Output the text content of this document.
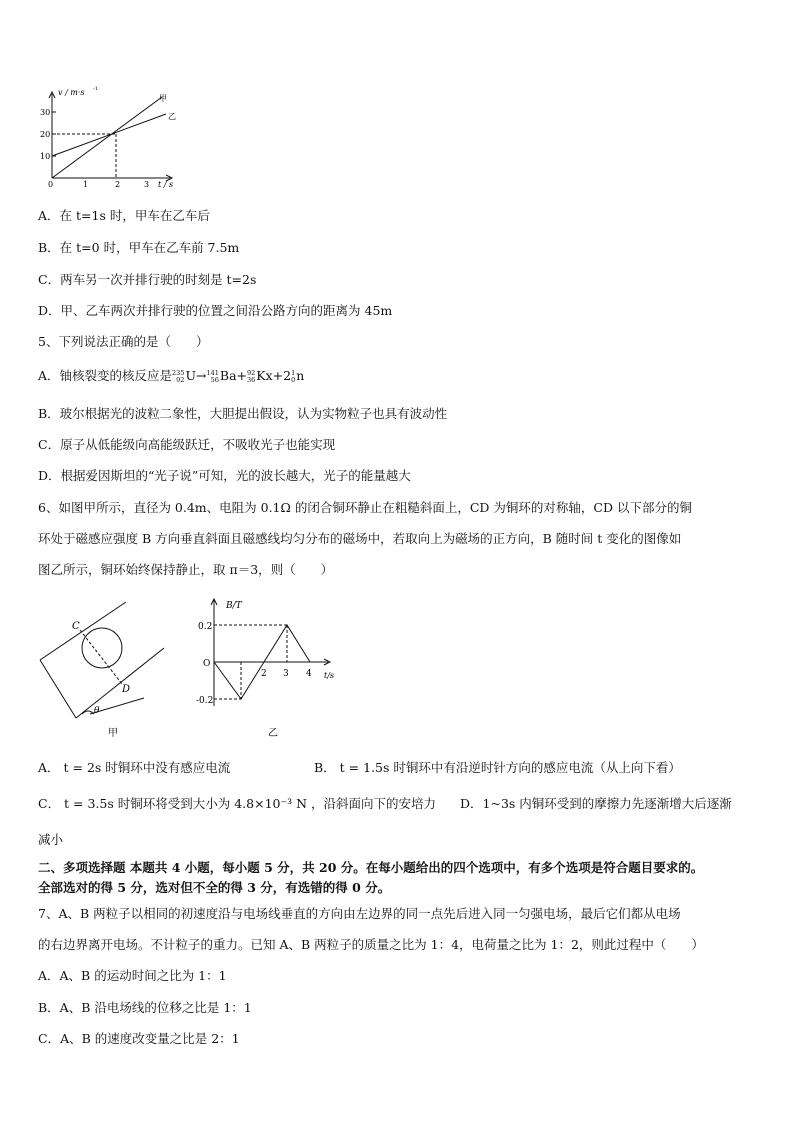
v / m·s -1
30
20
10
0	1	2	3 t / s
甲
乙
A．在 t=1s 时，甲车在乙车后
B．在 t=0 时，甲车在乙车前 7.5m
C．两车另一次并排行驶的时刻是 t=2s
D．甲、乙车两次并排行驶的位置之间沿公路方向的距离为 45m
5、下列说法正确的是（　　）
A．铀核裂变的核反应是235
92U→141
56Ba+92
36Kx+21
0n
B．玻尔根据光的波粒二象性，大胆提出假设，认为实物粒子也具有波动性
C．原子从低能级向高能级跃迁，不吸收光子也能实现
D．根据爱因斯坦的“光子说”可知，光的波长越大，光子的能量越大
6、如图甲所示，直径为 0.4m、电阻为 0.1Ω 的闭合铜环静止在粗糙斜面上，CD 为铜环的对称轴，CD 以下部分的铜
环处于磁感应强度 B 方向垂直斜面且磁感线均匀分布的磁场中，若取向上为磁场的正方向，B 随时间 t 变化的图像如
图乙所示，铜环始终保持静止，取 π＝3，则（　　）
C
D
θ
甲
B/T
t/s
0.2
-0.2
O
2 3 4
乙
A． t = 2s 时铜环中没有感应电流	B． t = 1.5s 时铜环中有沿逆时针方向的感应电流（从上向下看）
C． t = 3.5s 时铜环将受到大小为 4.8×10⁻³ N ，沿斜面向下的安培力 D．1~3s 内铜环受到的摩擦力先逐渐增大后逐渐
减小
二、多项选择题 本题共 4 小题，每小题 5 分，共 20 分。在每小题给出的四个选项中，有多个选项是符合题目要求的。
全部选对的得 5 分，选对但不全的得 3 分，有选错的得 0 分。
7、A、B 两粒子以相同的初速度沿与电场线垂直的方向由左边界的同一点先后进入同一匀强电场，最后它们都从电场
的右边界离开电场。不计粒子的重力。已知 A、B 两粒子的质量之比为 1：4，电荷量之比为 1：2，则此过程中（　　）
A．A、B 的运动时间之比为 1：1
B．A、B 沿电场线的位移之比是 1：1
C．A、B 的速度改变量之比是 2：1
